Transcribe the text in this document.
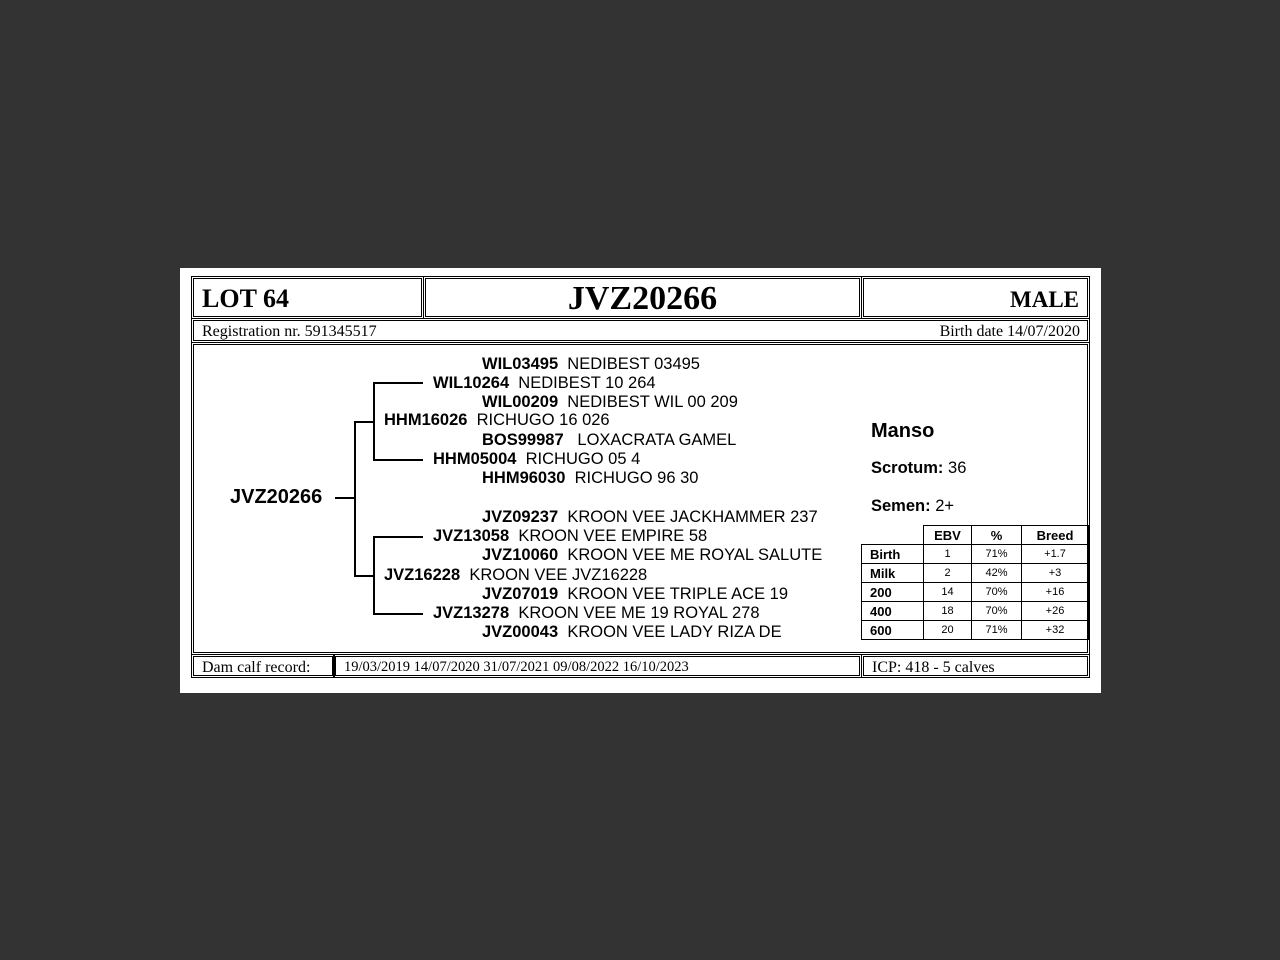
LOT 64	JVZ20266	MALE
Registration nr. 591345517	Birth date 14/07/2020
JVZ20266
HHM16026 RICHUGO 16 026
WIL10264 NEDIBEST 10 264
WIL03495 NEDIBEST 03495
WIL00209 NEDIBEST WIL 00 209
HHM05004 RICHUGO 05 4
BOS99987 LOXACRATA GAMEL
HHM96030 RICHUGO 96 30
JVZ16228 KROON VEE JVZ16228
JVZ13058 KROON VEE EMPIRE 58
JVZ09237 KROON VEE JACKHAMMER 237
JVZ10060 KROON VEE ME ROYAL SALUTE
JVZ13278 KROON VEE ME 19 ROYAL 278
JVZ07019 KROON VEE TRIPLE ACE 19
JVZ00043 KROON VEE LADY RIZA DE
Manso
Scrotum: 36
Semen: 2+
	EBV	%	Breed
Birth	1	71%	+1.7
Milk	2	42%	+3
200	14	70%	+16
400	18	70%	+26
600	20	71%	+32
Dam calf record: 19/03/2019 14/07/2020 31/07/2021 09/08/2022 16/10/2023	ICP: 418 - 5 calves
